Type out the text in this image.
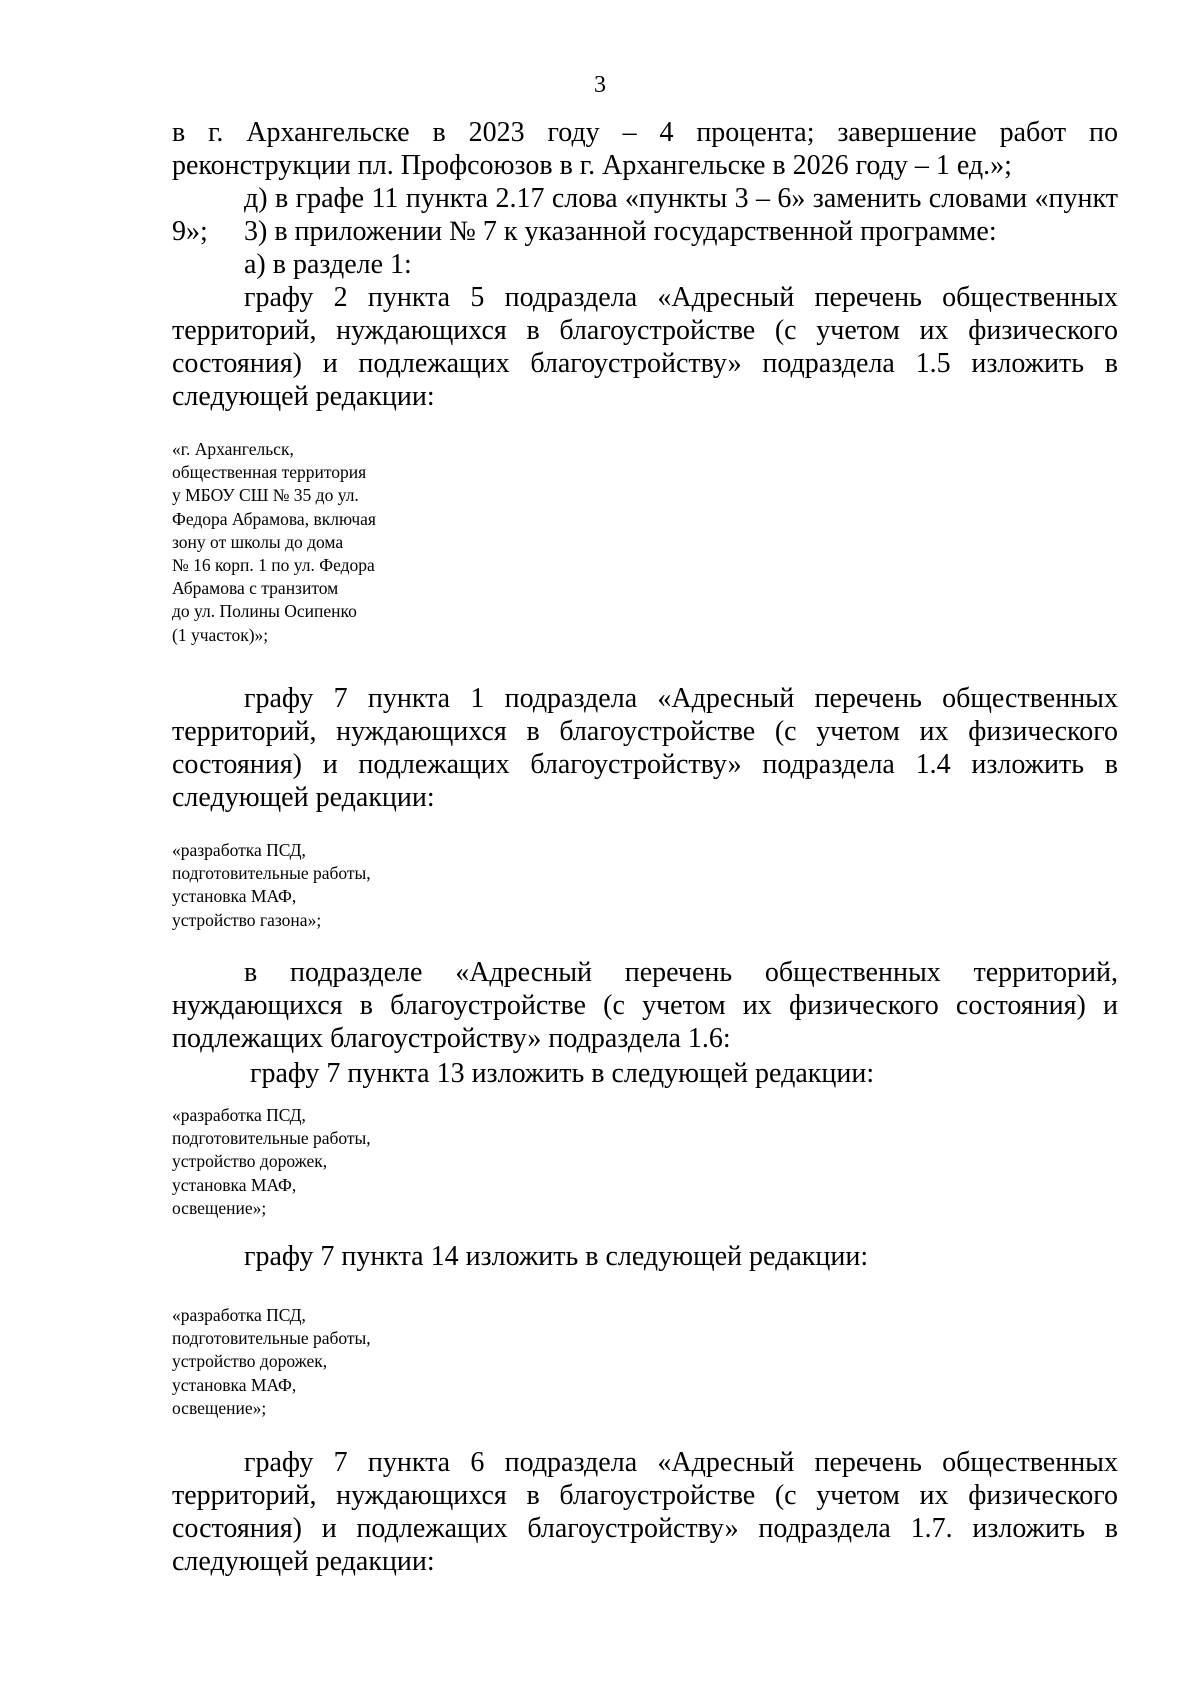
3

в г. Архангельске в 2023 году – 4 процента; завершение работ по реконструкции пл. Профсоюзов в г. Архангельске в 2026 году – 1 ед.»;

д) в графе 11 пункта 2.17 слова «пункты 3 – 6» заменить словами «пункт 9»;	3) в приложении № 7 к указанной государственной программе:

а) в разделе 1:

графу 2 пункта 5 подраздела «Адресный перечень общественных территорий, нуждающихся в благоустройстве (с учетом их физического состояния) и подлежащих благоустройству» подраздела 1.5 изложить в следующей редакции:

«г. Архангельск,
общественная территория
у МБОУ СШ № 35 до ул.
Федора Абрамова, включая
зону от школы до дома
№ 16 корп. 1 по ул. Федора
Абрамова с транзитом
до ул. Полины Осипенко
(1 участок)»;

графу 7 пункта 1 подраздела «Адресный перечень общественных территорий, нуждающихся в благоустройстве (с учетом их физического состояния) и подлежащих благоустройству» подраздела 1.4 изложить в следующей редакции:

«разработка ПСД,
подготовительные работы,
установка МАФ,
устройство газона»;

в подразделе «Адресный перечень общественных территорий, нуждающихся в благоустройстве (с учетом их физического состояния) и подлежащих благоустройству» подраздела 1.6:

графу 7 пункта 13 изложить в следующей редакции:

«разработка ПСД,
подготовительные работы,
устройство дорожек,
установка МАФ,
освещение»;

графу 7 пункта 14 изложить в следующей редакции:

«разработка ПСД,
подготовительные работы,
устройство дорожек,
установка МАФ,
освещение»;

графу 7 пункта 6 подраздела «Адресный перечень общественных территорий, нуждающихся в благоустройстве (с учетом их физического состояния) и подлежащих благоустройству» подраздела 1.7. изложить в следующей редакции:
